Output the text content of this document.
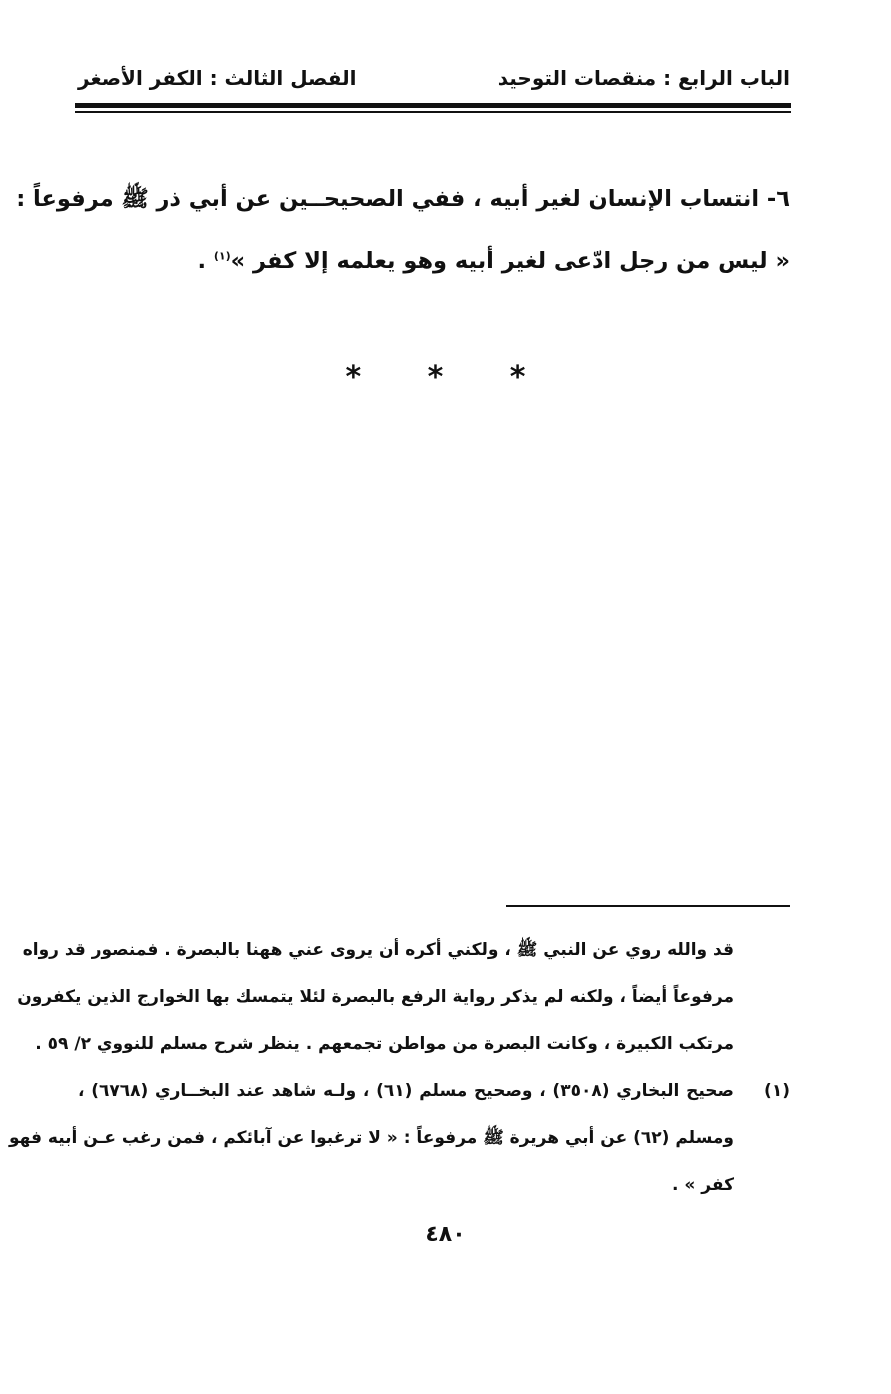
الباب الرابع : منقصات التوحيد
الفصل الثالث : الكفر الأصغر
٦- انتساب الإنسان لغير أبيه ، ففي الصحيحــين عن أبي ذر ﷺ مرفوعاً :
« ليس من رجل ادّعى لغير أبيه وهو يعلمه إلا كفر »$^{(١)}$ .
* * *
قد والله روي عن النبي ﷺ ، ولكني أكره أن يروى عني ههنا بالبصرة . فمنصور قد رواه
مرفوعاً أيضاً ، ولكنه لم يذكر رواية الرفع بالبصرة لئلا يتمسك بها الخوارج الذين يكفرون
مرتكب الكبيرة ، وكانت البصرة من مواطن تجمعهم . ينظر شرح مسلم للنووي ٢/ ٥٩ .
(١)صحيح البخاري (٣٥٠٨) ، وصحيح مسلم (٦١) ، ولـه شاهد عند البخــاري (٦٧٦٨) ،
ومسلم (٦٢) عن أبي هريرة ﷺ مرفوعاً : « لا ترغبوا عن آبائكم ، فمن رغب عـن أبيه فهو
كفر » .
٤٨٠
